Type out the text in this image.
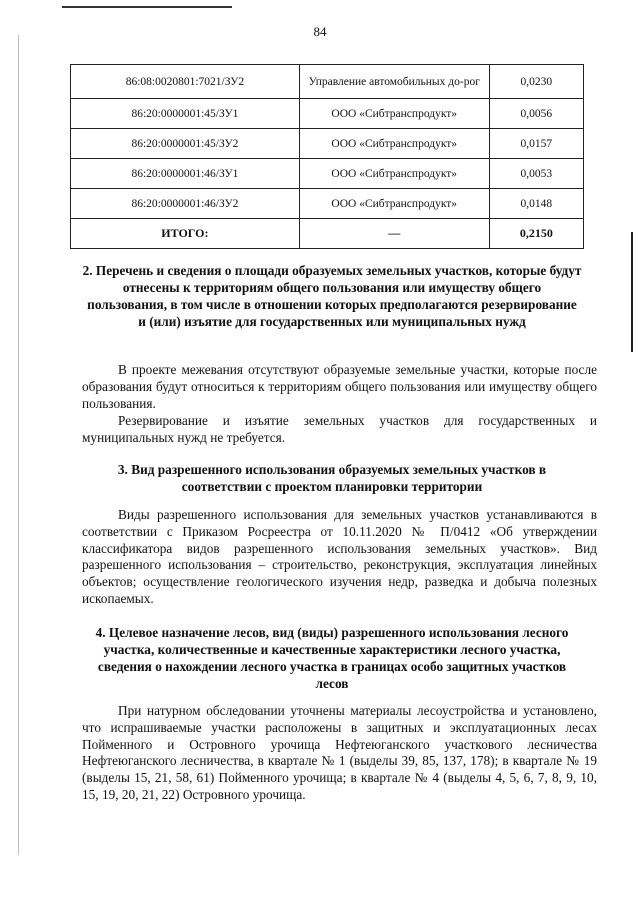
84
86:08:0020801:7021/ЗУ2	Управление автомобильных до-рог	0,0230
86:20:0000001:45/ЗУ1	ООО «Сибтранспродукт»	0,0056
86:20:0000001:45/ЗУ2	ООО «Сибтранспродукт»	0,0157
86:20:0000001:46/ЗУ1	ООО «Сибтранспродукт»	0,0053
86:20:0000001:46/ЗУ2	ООО «Сибтранспродукт»	0,0148
ИТОГО:	—	0,2150
2. Перечень и сведения о площади образуемых земельных участков, которые будут отнесены к территориям общего пользования или имуществу общего пользования, в том числе в отношении которых предполагаются резервирование и (или) изъятие для государственных или муниципальных нужд
В проекте межевания отсутствуют образуемые земельные участки, которые после образования будут относиться к территориям общего пользования или имуществу общего пользования.
Резервирование и изъятие земельных участков для государственных и муниципальных нужд не требуется.
3. Вид разрешенного использования образуемых земельных участков в соответствии с проектом планировки территории
Виды разрешенного использования для земельных участков устанавливаются в соответствии с Приказом Росреестра от 10.11.2020 № П/0412 «Об утверждении классификатора видов разрешенного использования земельных участков». Вид разрешенного использования – строительство, реконструкция, эксплуатация линейных объектов; осуществление геологического изучения недр, разведка и добыча полезных ископаемых.
4. Целевое назначение лесов, вид (виды) разрешенного использования лесного участка, количественные и качественные характеристики лесного участка, сведения о нахождении лесного участка в границах особо защитных участков лесов
При натурном обследовании уточнены материалы лесоустройства и установлено, что испрашиваемые участки расположены в защитных и эксплуатационных лесах Пойменного и Островного урочища Нефтеюганского участкового лесничества Нефтеюганского лесничества, в квартале № 1 (выделы 39, 85, 137, 178); в квартале № 19 (выделы 15, 21, 58, 61) Пойменного урочища; в квартале № 4 (выделы 4, 5, 6, 7, 8, 9, 10, 15, 19, 20, 21, 22) Островного урочища.
